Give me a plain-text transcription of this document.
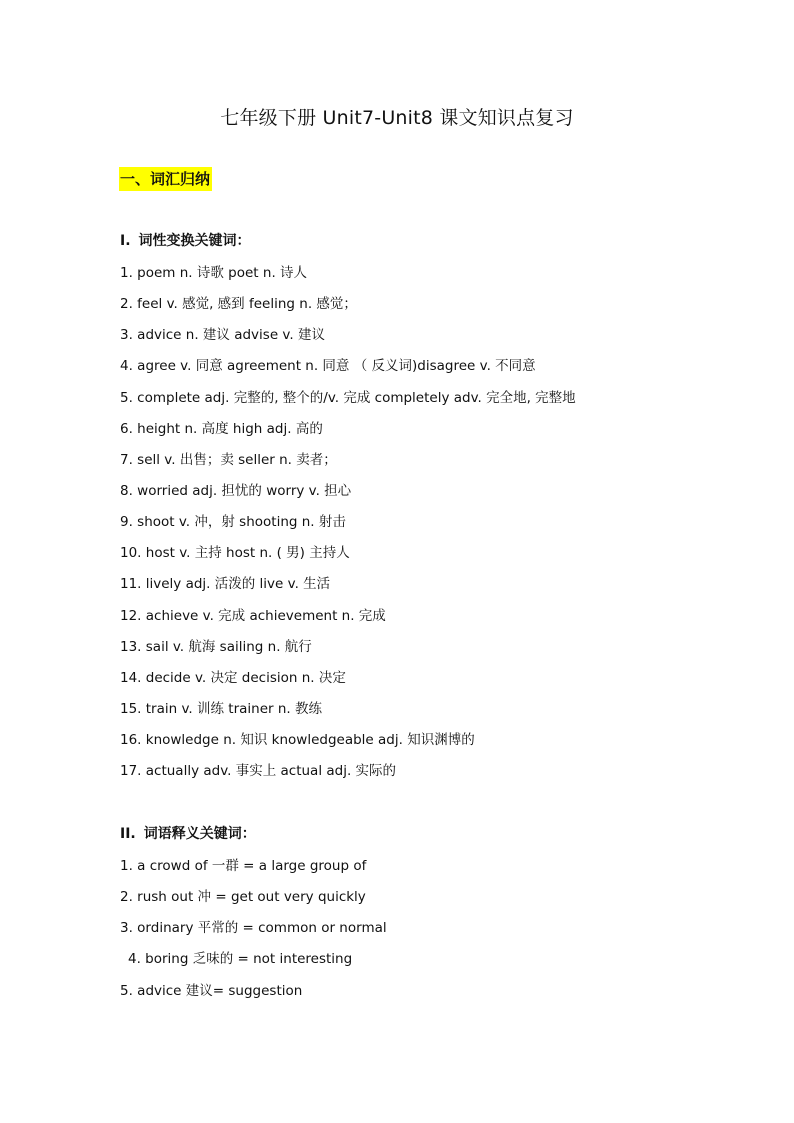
七年级下册 Unit7-Unit8 课文知识点复习
一、词汇归纳
I. 词性变换关键词：
1. poem n. 诗歌 poet n. 诗人
2. feel v. 感觉, 感到 feeling n. 感觉；
3. advice n. 建议 advise v. 建议
4. agree v. 同意 agreement n. 同意 （ 反义词)disagree v. 不同意
5. complete adj. 完整的, 整个的/v. 完成 completely adv. 完全地, 完整地
6. height n. 高度 high adj. 高的
7. sell v. 出售；卖 seller n. 卖者；
8. worried adj. 担忧的 worry v. 担心
9. shoot v. 冲，射 shooting n. 射击
10. host v. 主持 host n. ( 男) 主持人
11. lively adj. 活泼的 live v. 生活
12. achieve v. 完成 achievement n. 完成
13. sail v. 航海 sailing n. 航行
14. decide v. 决定 decision n. 决定
15. train v. 训练 trainer n. 教练
16. knowledge n. 知识 knowledgeable adj. 知识渊博的
17. actually adv. 事实上 actual adj. 实际的
II. 词语释义关键词：
1. a crowd of 一群 = a large group of
2. rush out 冲 = get out very quickly
3. ordinary 平常的 = common or normal
4. boring 乏味的 = not interesting
5. advice 建议= suggestion
